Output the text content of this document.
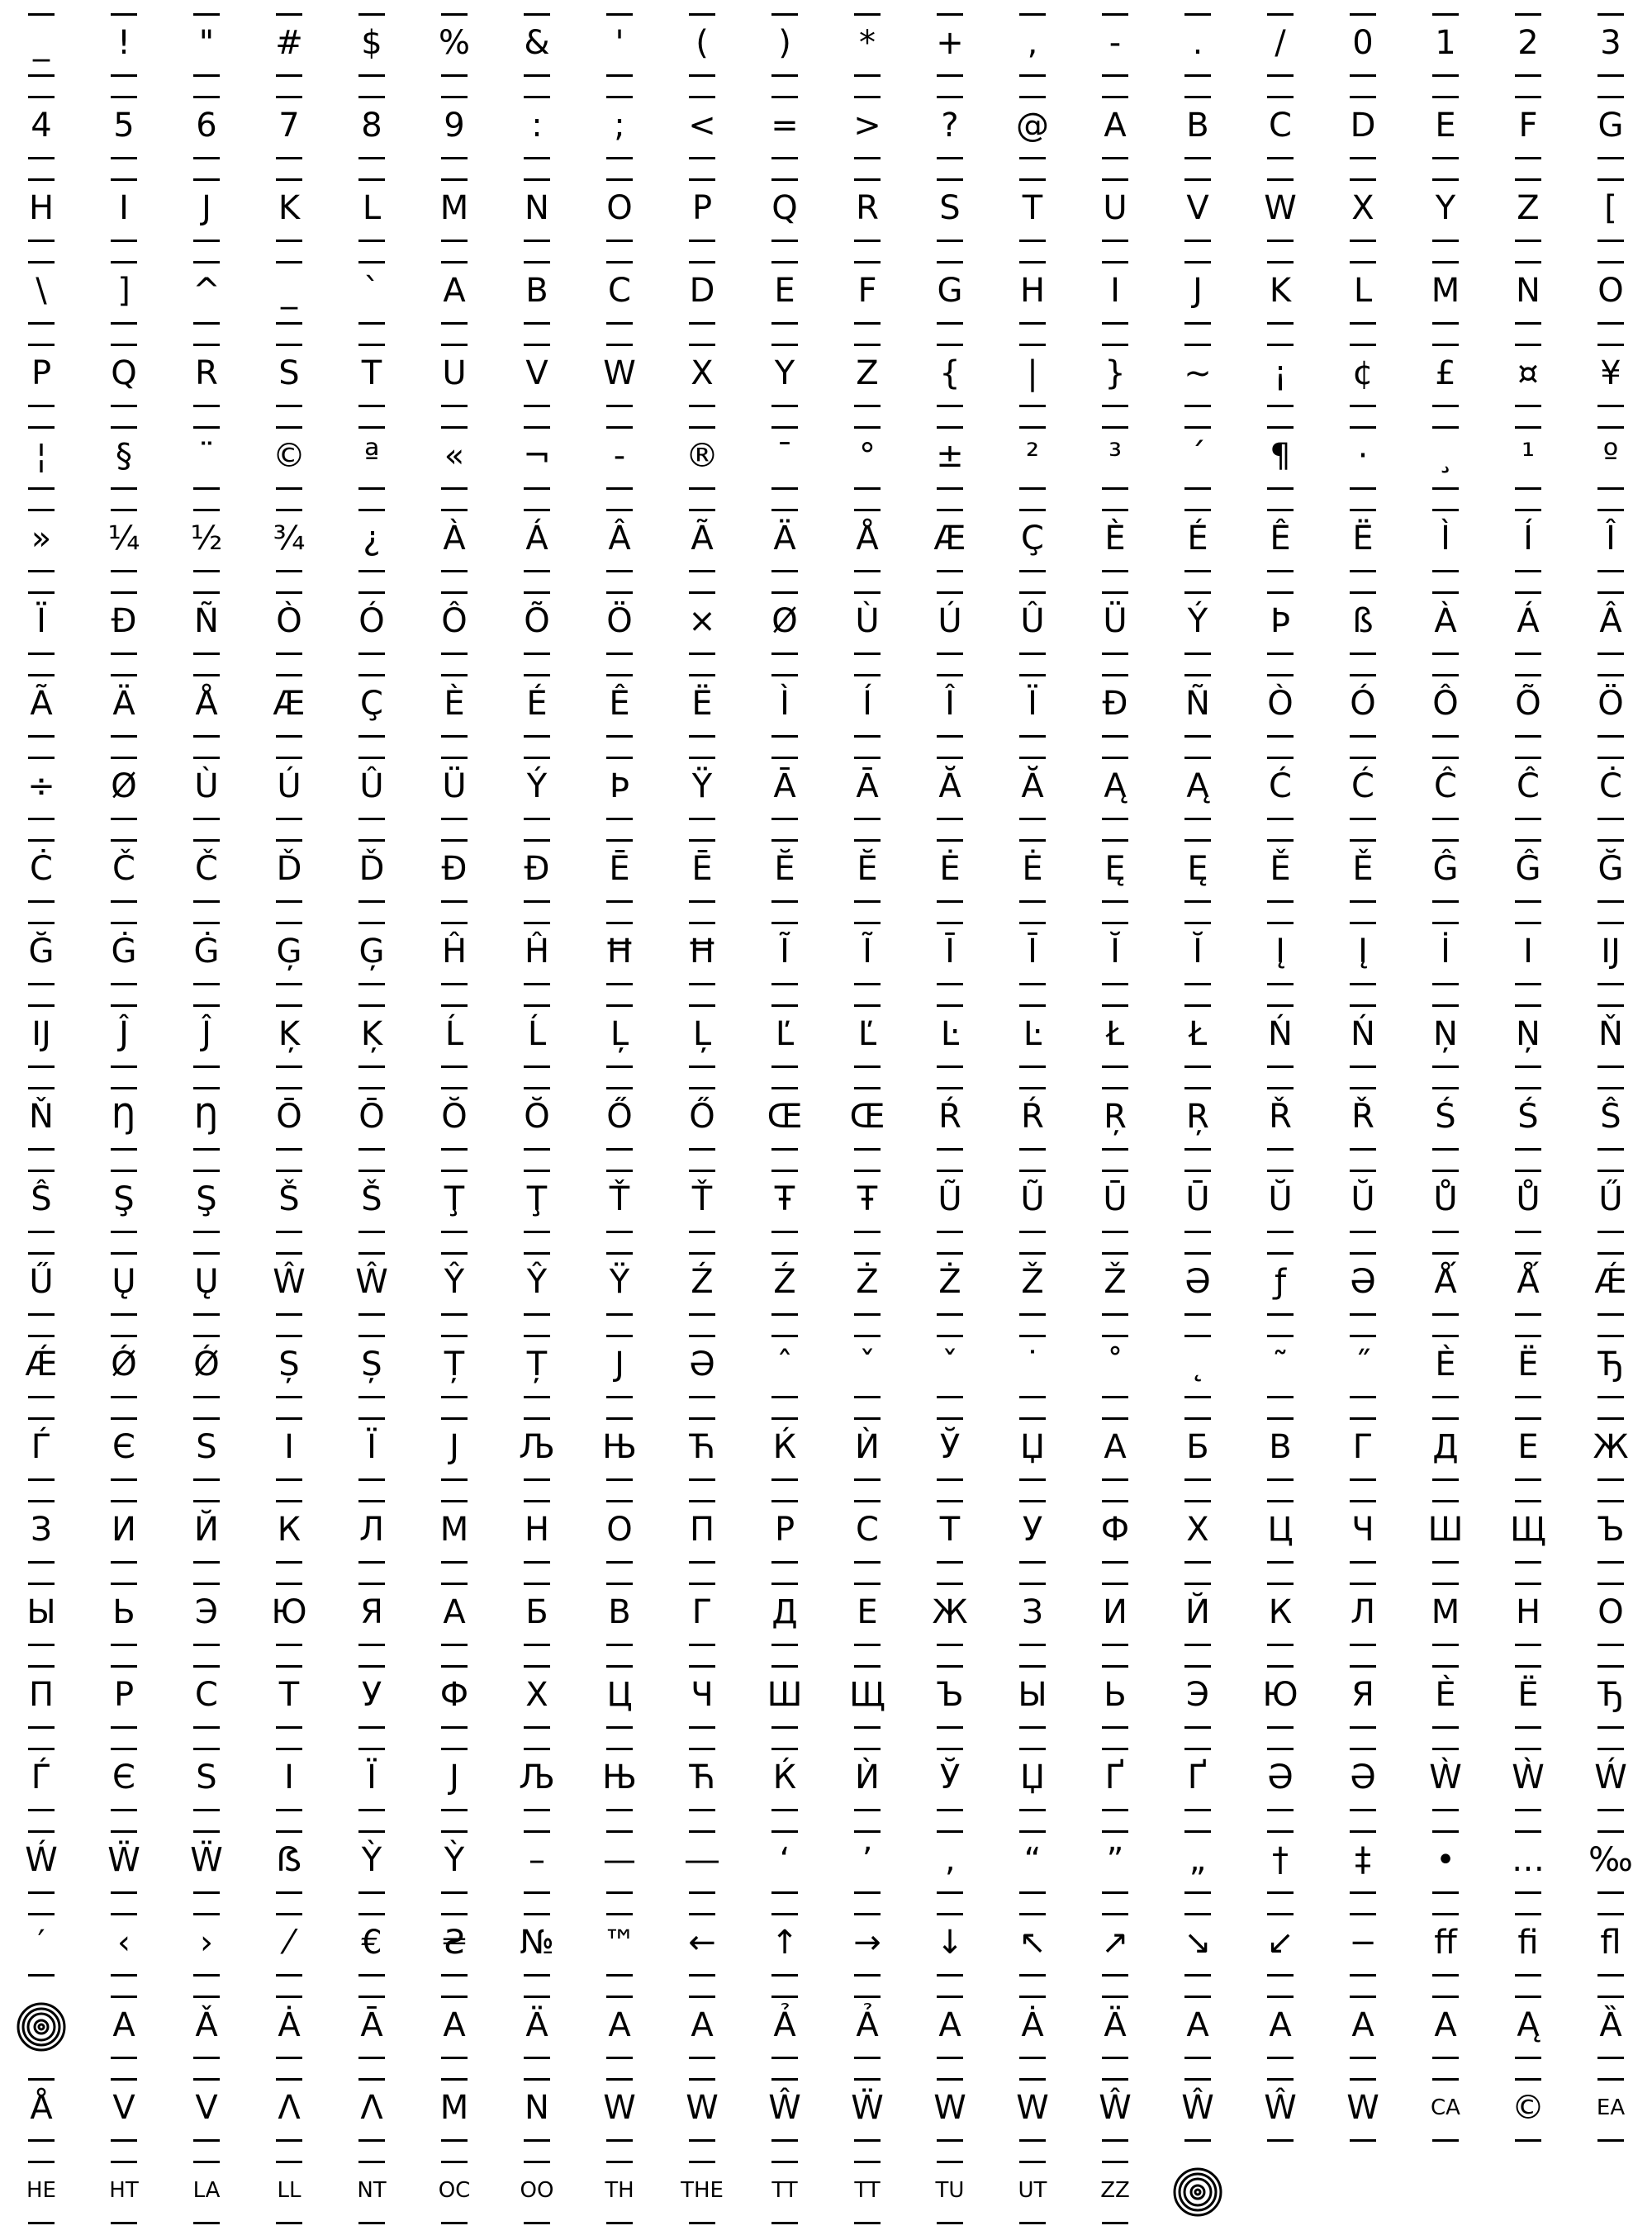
_	!	"	#	$	%	&	'	(	)	*	+	,	-	.	/	0	1	2	3
4	5	6	7	8	9	:	;	<	=	>	?	@	A	B	C	D	E	F	G
H	I	J	K	L	M	N	O	P	Q	R	S	T	U	V	W	X	Y	Z	[
\	]	^	_	`	A	B	C	D	E	F	G	H	I	J	K	L	M	N	O
P	Q	R	S	T	U	V	W	X	Y	Z	{	|	}	~	¡	¢	£	¤	¥
¦	§	¨	©	ª	«	¬	-	®	¯	°	±	²	³	´	¶	·	¸	¹	º
»	¼	½	¾	¿	À	Á	Â	Ã	Ä	Å	Æ	Ç	È	É	Ê	Ë	Ì	Í	Î
Ï	Ð	Ñ	Ò	Ó	Ô	Õ	Ö	×	Ø	Ù	Ú	Û	Ü	Ý	Þ	ß	À	Á	Â
Ã	Ä	Å	Æ	Ç	È	É	Ê	Ë	Ì	Í	Î	Ï	Ð	Ñ	Ò	Ó	Ô	Õ	Ö
÷	Ø	Ù	Ú	Û	Ü	Ý	Þ	Ÿ	Ā	Ā	Ă	Ă	Ą	Ą	Ć	Ć	Ĉ	Ĉ	Ċ
Ċ	Č	Č	Ď	Ď	Đ	Đ	Ē	Ē	Ĕ	Ĕ	Ė	Ė	Ę	Ę	Ě	Ě	Ĝ	Ĝ	Ğ
Ğ	Ġ	Ġ	Ģ	Ģ	Ĥ	Ĥ	Ħ	Ħ	Ĩ	Ĩ	Ī	Ī	Ĭ	Ĭ	Į	Į	İ	I	Ĳ
Ĳ	Ĵ	Ĵ	Ķ	Ķ	Ĺ	Ĺ	Ļ	Ļ	Ľ	Ľ	Ŀ	Ŀ	Ł	Ł	Ń	Ń	Ņ	Ņ	Ň
Ň	Ŋ	Ŋ	Ō	Ō	Ŏ	Ŏ	Ő	Ő	Œ	Œ	Ŕ	Ŕ	Ŗ	Ŗ	Ř	Ř	Ś	Ś	Ŝ
Ŝ	Ş	Ş	Š	Š	Ţ	Ţ	Ť	Ť	Ŧ	Ŧ	Ũ	Ũ	Ū	Ū	Ŭ	Ŭ	Ů	Ů	Ű
Ű	Ų	Ų	Ŵ	Ŵ	Ŷ	Ŷ	Ÿ	Ź	Ź	Ż	Ż	Ž	Ž	Ə	ƒ	Ə	Ǻ	Ǻ	Ǽ
Ǽ	Ǿ	Ǿ	Ș	Ș	Ț	Ț	J	Ə	ˆ	ˇ	ˇ	˙	˚	˛	˜	˝	Ѐ	Ё	Ђ
Ѓ	Є	Ѕ	І	Ї	Ј	Љ	Њ	Ћ	Ќ	Ѝ	Ў	Џ	А	Б	В	Г	Д	Е	Ж
З	И	Й	К	Л	М	Н	О	П	Р	С	Т	У	Ф	Х	Ц	Ч	Ш	Щ	Ъ
Ы	Ь	Э	Ю	Я	А	Б	В	Г	Д	Е	Ж	З	И	Й	К	Л	М	Н	О
П	Р	С	Т	У	Ф	Х	Ц	Ч	Ш	Щ	Ъ	Ы	Ь	Э	Ю	Я	Ѐ	Ё	Ђ
Ѓ	Є	Ѕ	І	Ї	Ј	Љ	Њ	Ћ	Ќ	Ѝ	Ў	Џ	Ґ	Ґ	Ә	Ә	Ẁ	Ẁ	Ẃ
Ẃ	Ẅ	Ẅ	ẞ	Ỳ	Ỳ	–	—	―	‘	’	‚	“	”	„	†	‡	•	…	‰
′	‹	›	⁄	€	₴	№	™	←	↑	→	↓	↖	↗	↘	↙	−	ﬀ	ﬁ	ﬂ
A	Ǎ	Ȧ	Ā	A	Ä	A	A	Ả	Ả	A	Ȧ	Ä	A	A	A	A	Ą	Ȁ
Å	V	V	Λ	Λ	M	N	W	W	Ŵ	Ẅ	W	W	Ŵ	Ŵ	Ŵ	W	CA	©	EA
HE	HT	LA	LL	NT	OC	OO	TH	THE	TT	TT	TU	UT	ZZ
